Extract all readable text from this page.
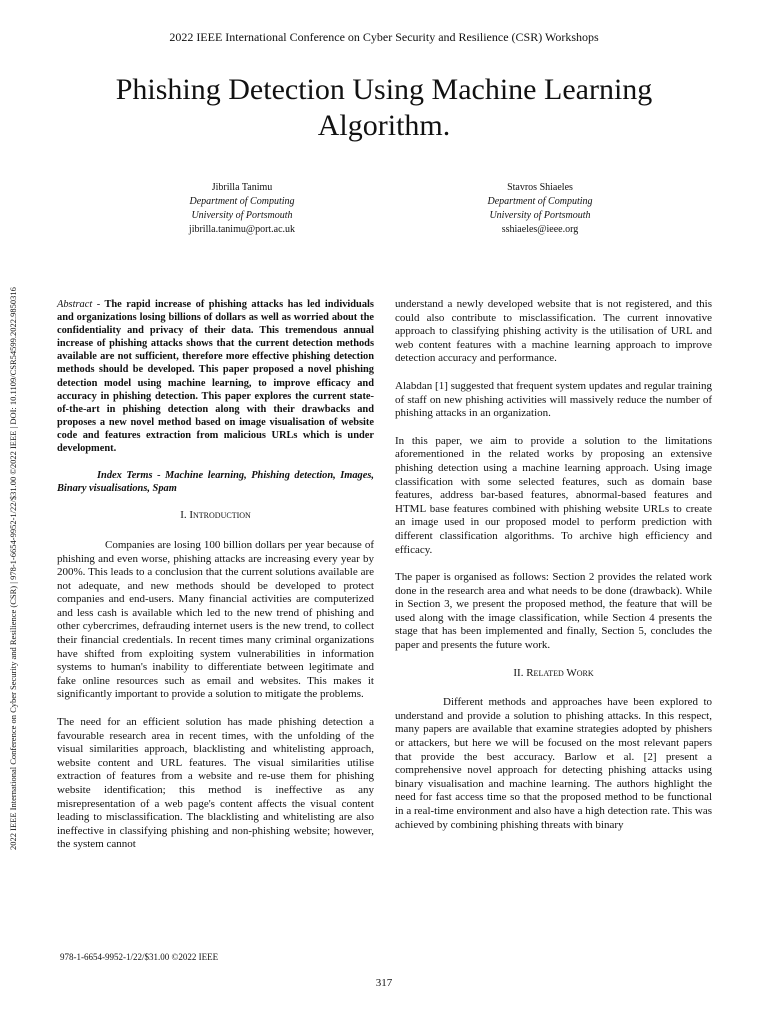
2022 IEEE International Conference on Cyber Security and Resilience (CSR) Workshops
Phishing Detection Using Machine Learning Algorithm.
Jibrilla Tanimu
Department of Computing
University of Portsmouth
jibrilla.tanimu@port.ac.uk
Stavros Shiaeles
Department of Computing
University of Portsmouth
sshiaeles@ieee.org
2022 IEEE International Conference on Cyber Security and Resilience (CSR) | 978-1-6654-9952-1/22/$31.00 ©2022 IEEE | DOI: 10.1109/CSR54599.2022.9850316	Abstract - The rapid increase of phishing attacks has led individuals and organizations losing billions of dollars as well as worried about the confidentiality and privacy of their data. This tremendous annual increase of phishing attacks shows that the current detection methods available are not sufficient, therefore more effective phishing detection methods should be developed. This paper proposed a novel phishing detection model using machine learning, to improve efficacy and accuracy in phishing detection. This paper explores the current state-of-the-art in phishing detection along with their drawbacks and proposes a new novel method based on image visualisation of website code and features extraction from malicious URLs which is under development.

Index Terms - Machine learning, Phishing detection, Images, Binary visualisations, Spam

I. Introduction

Companies are losing 100 billion dollars per year because of phishing and even worse, phishing attacks are increasing every year by 200%. This leads to a conclusion that the current solutions available are not adequate, and new methods should be developed to protect companies and end-users. Many financial activities are computerized and less cash is available which led to the new trend of phishing and other cybercrimes, defrauding internet users is the new trend, to collect their financial credentials. In recent times many criminal organizations have shifted from exploiting system vulnerabilities in information systems to human's inability to differentiate between legitimate and fake online resources such as email and websites. This makes it significantly important to provide a solution to mitigate the problems.

The need for an efficient solution has made phishing detection a favourable research area in recent times, with the unfolding of the visual similarities approach, blacklisting and whitelisting approach, website content and URL features. The visual similarities utilise extraction of features from a website and re-use them for phishing website identification; this method is ineffective as any misrepresentation of a web page's content affects the visual content leading to misclassification. The blacklisting and whitelisting are also ineffective in classifying phishing and non-phishing website; however, the system cannot

understand a newly developed website that is not registered, and this could also contribute to misclassification. The current innovative approach to classifying phishing activity is the utilisation of URL and web content features with a machine learning approach to improve detection accuracy and performance.

Alabdan [1] suggested that frequent system updates and regular training of staff on new phishing activities will massively reduce the number of phishing attacks in an organization.

In this paper, we aim to provide a solution to the limitations aforementioned in the related works by proposing an extensive phishing detection using a machine learning approach. Using image classification with some selected features, such as domain base features, address bar-based features, abnormal-based features and HTML base features combined with phishing website URLs to create an image used in our proposed model to perform prediction with different classification algorithms. To archive high efficiency and efficacy.

The paper is organised as follows: Section 2 provides the related work done in the research area and what needs to be done (drawback). While in Section 3, we present the proposed method, the feature that will be used along with the image classification, while Section 4 presents the stage that has been implemented and finally, Section 5, concludes the paper and presents the future work.

II. Related Work

Different methods and approaches have been explored to understand and provide a solution to phishing attacks. In this respect, many papers are available that examine strategies adopted by phishers or attackers, but here we will be focused on the most relevant papers that provide the best accuracy. Barlow et al. [2] present a comprehensive novel approach for detecting phishing attacks using binary visualisation and machine learning. The authors highlight the need for fast access time so that the proposed method to be functional in a real-time environment and also have a high detection rate. This was achieved by combining phishing threats with binary

978-1-6654-9952-1/22/$31.00 ©2022 IEEE
317
